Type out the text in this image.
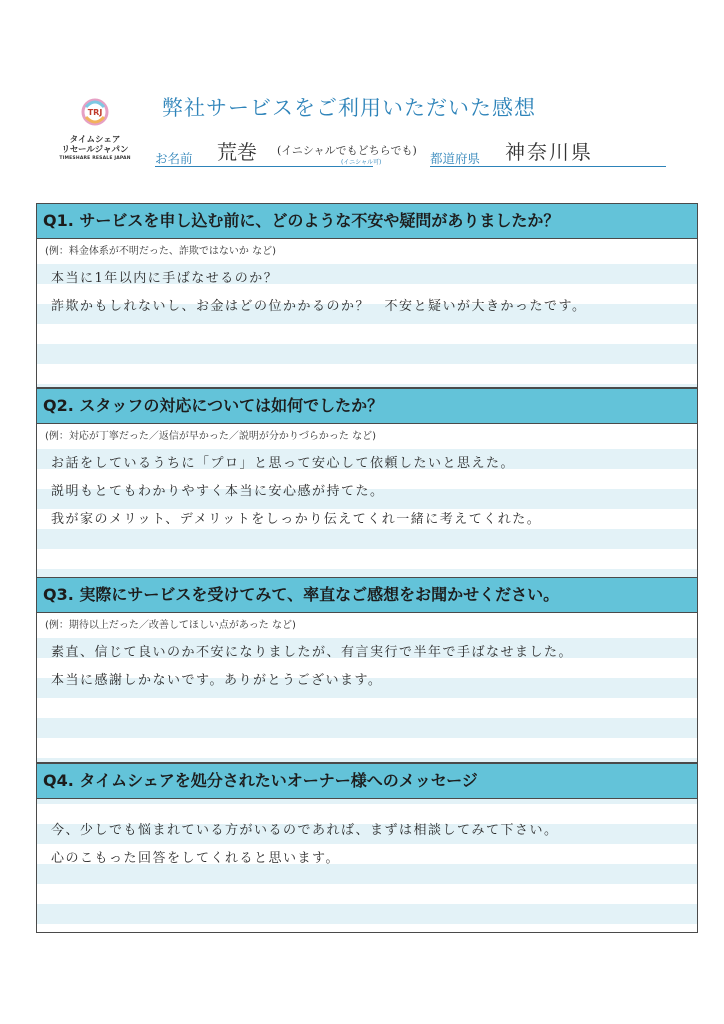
TRJ
タイムシェア
リセールジャパン
TIMESHARE RESALE JAPAN
弊社サービスをご利用いただいた感想
お名前 荒巻 (イニシャルでもどちらでも)
(イニシャル可)	都道府県 神奈川県
Q1. サービスを申し込む前に、どのような不安や疑問がありましたか？
(例：料金体系が不明だった、詐欺ではないか など)
本当に1年以内に手ばなせるのか？
詐欺かもしれないし、お金はどの位かかるのか？　不安と疑いが大きかったです。
Q2. スタッフの対応については如何でしたか？
(例：対応が丁寧だった／返信が早かった／説明が分かりづらかった など)
お話をしているうちに「プロ」と思って安心して依頼したいと思えた。
説明もとてもわかりやすく本当に安心感が持てた。
我が家のメリット、デメリットをしっかり伝えてくれ一緒に考えてくれた。
Q3. 実際にサービスを受けてみて、率直なご感想をお聞かせください。
(例：期待以上だった／改善してほしい点があった など)
素直、信じて良いのか不安になりましたが、有言実行で半年で手ばなせました。
本当に感謝しかないです。ありがとうございます。
Q4. タイムシェアを処分されたいオーナー様へのメッセージ
今、少しでも悩まれている方がいるのであれば、まずは相談してみて下さい。
心のこもった回答をしてくれると思います。
